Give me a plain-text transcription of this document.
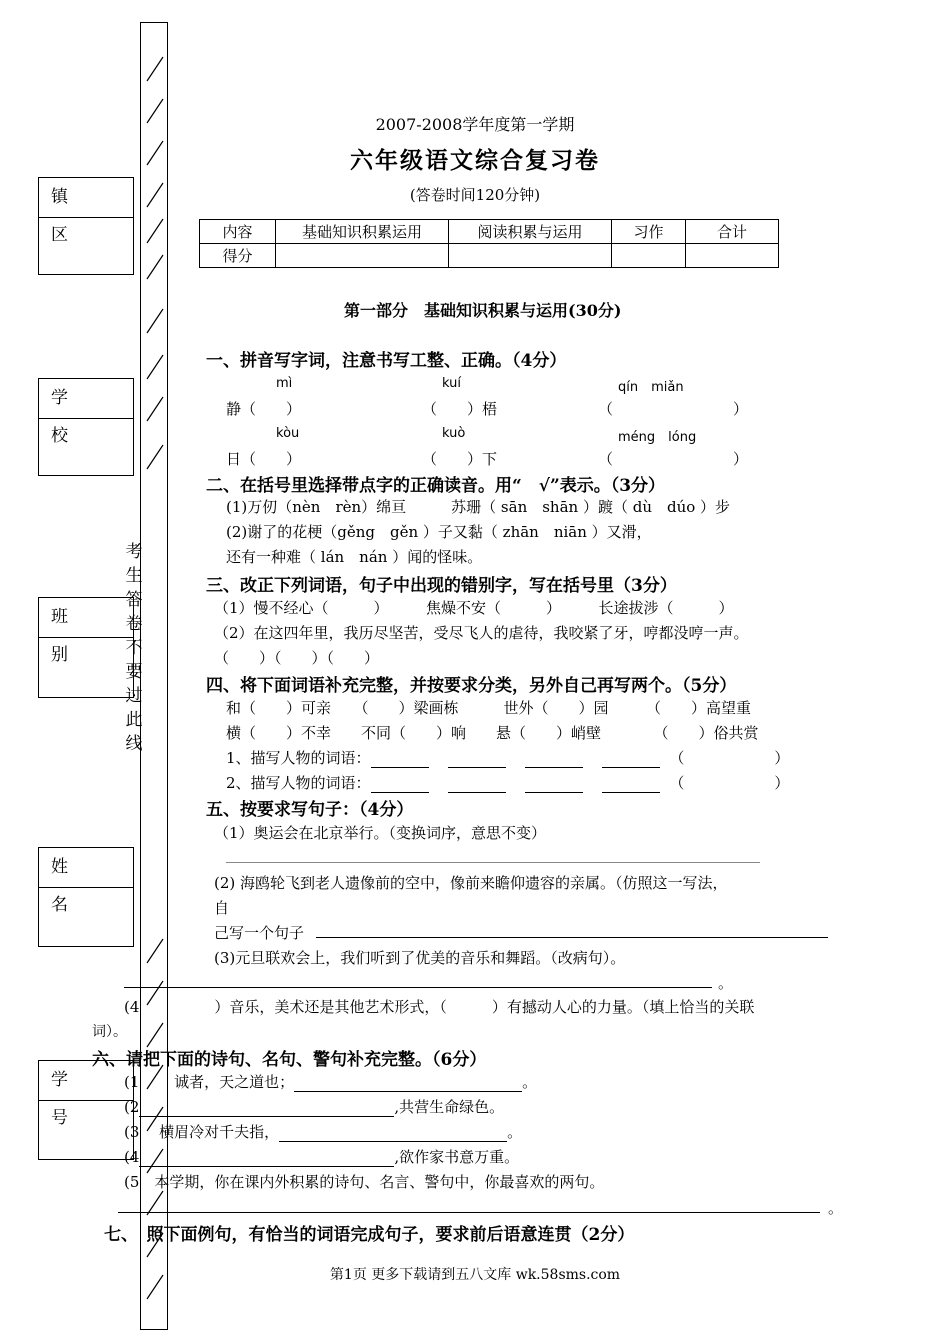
镇区
学校
班别
姓名
学号
考生答卷不要过此线
2007-2008学年度第一学期
六年级语文综合复习卷
(答卷时间120分钟)
内容	基础知识积累运用	阅读积累与运用	习作	合计
得分				
第一部分　基础知识积累与运用(30分)
一、拼音写字词，注意书写工整、正确。（4分）
mì	kuí	qín　miǎn
静（　　）	（　　）梧	（　　　　　　　　）
kòu	kuò	méng　lóng
日（　　）	（　　）下	（　　　　　　　　）
二、在括号里选择带点字的正确读音。用“　√”表示。（3分）
(1)万仞（nèn　rèn）绵亘　　　苏珊（ sān　shān ）踱（ dù　dúo ）步
(2)谢了的花梗（gěng　gěn ）子又黏（ zhān　niān ）又滑，
还有一种难（ lán　nán ）闻的怪味。
三、改正下列词语，句子中出现的错别字，写在括号里（3分）
（1）慢不经心（　　　）　　　焦燥不安（　　　）　　　长途拔涉（　　　）
（2）在这四年里，我历尽坚苦，受尽飞人的虐待，我咬紧了牙，哼都没哼一声。
（　　）（　　）（　　）
四、将下面词语补充完整，并按要求分类，另外自己再写两个。（5分）
和（　　）可亲　　（　　）梁画栋　　　世外（　　）园　　　（　　）高望重
横（　　）不幸　　不同（　　）响　　悬（　　）峭壁　　　　（　　）俗共赏
1、描写人物的词语：	（　　　　　　）
2、描写人物的词语：	（　　　　　　）
五、按要求写句子：（4分）
（1）奥运会在北京举行。（变换词序，意思不变）
(2) 海鸥轮飞到老人遗像前的空中，像前来瞻仰遗容的亲属。（仿照这一写法，
自
己写一个句子
(3)元旦联欢会上，我们听到了优美的音乐和舞蹈。（改病句）。
。
(4　　　　　）音乐，美术还是其他艺术形式，（　　　）有撼动人心的力量。（填上恰当的关联
词）。
六、请把下面的诗句、名句、警句补充完整。（6分）
(1 　　诚者，天之道也；	。
(2	,共营生命绿色。
(3 　横眉冷对千夫指，	。
(4	,欲作家书意万重。
(5　本学期，你在课内外积累的诗句、名言、警句中，你最喜欢的两句。
。
七、　照下面例句，有恰当的词语完成句子，要求前后语意连贯（2分）
第1页 更多下载请到五八文库 wk.58sms.com
